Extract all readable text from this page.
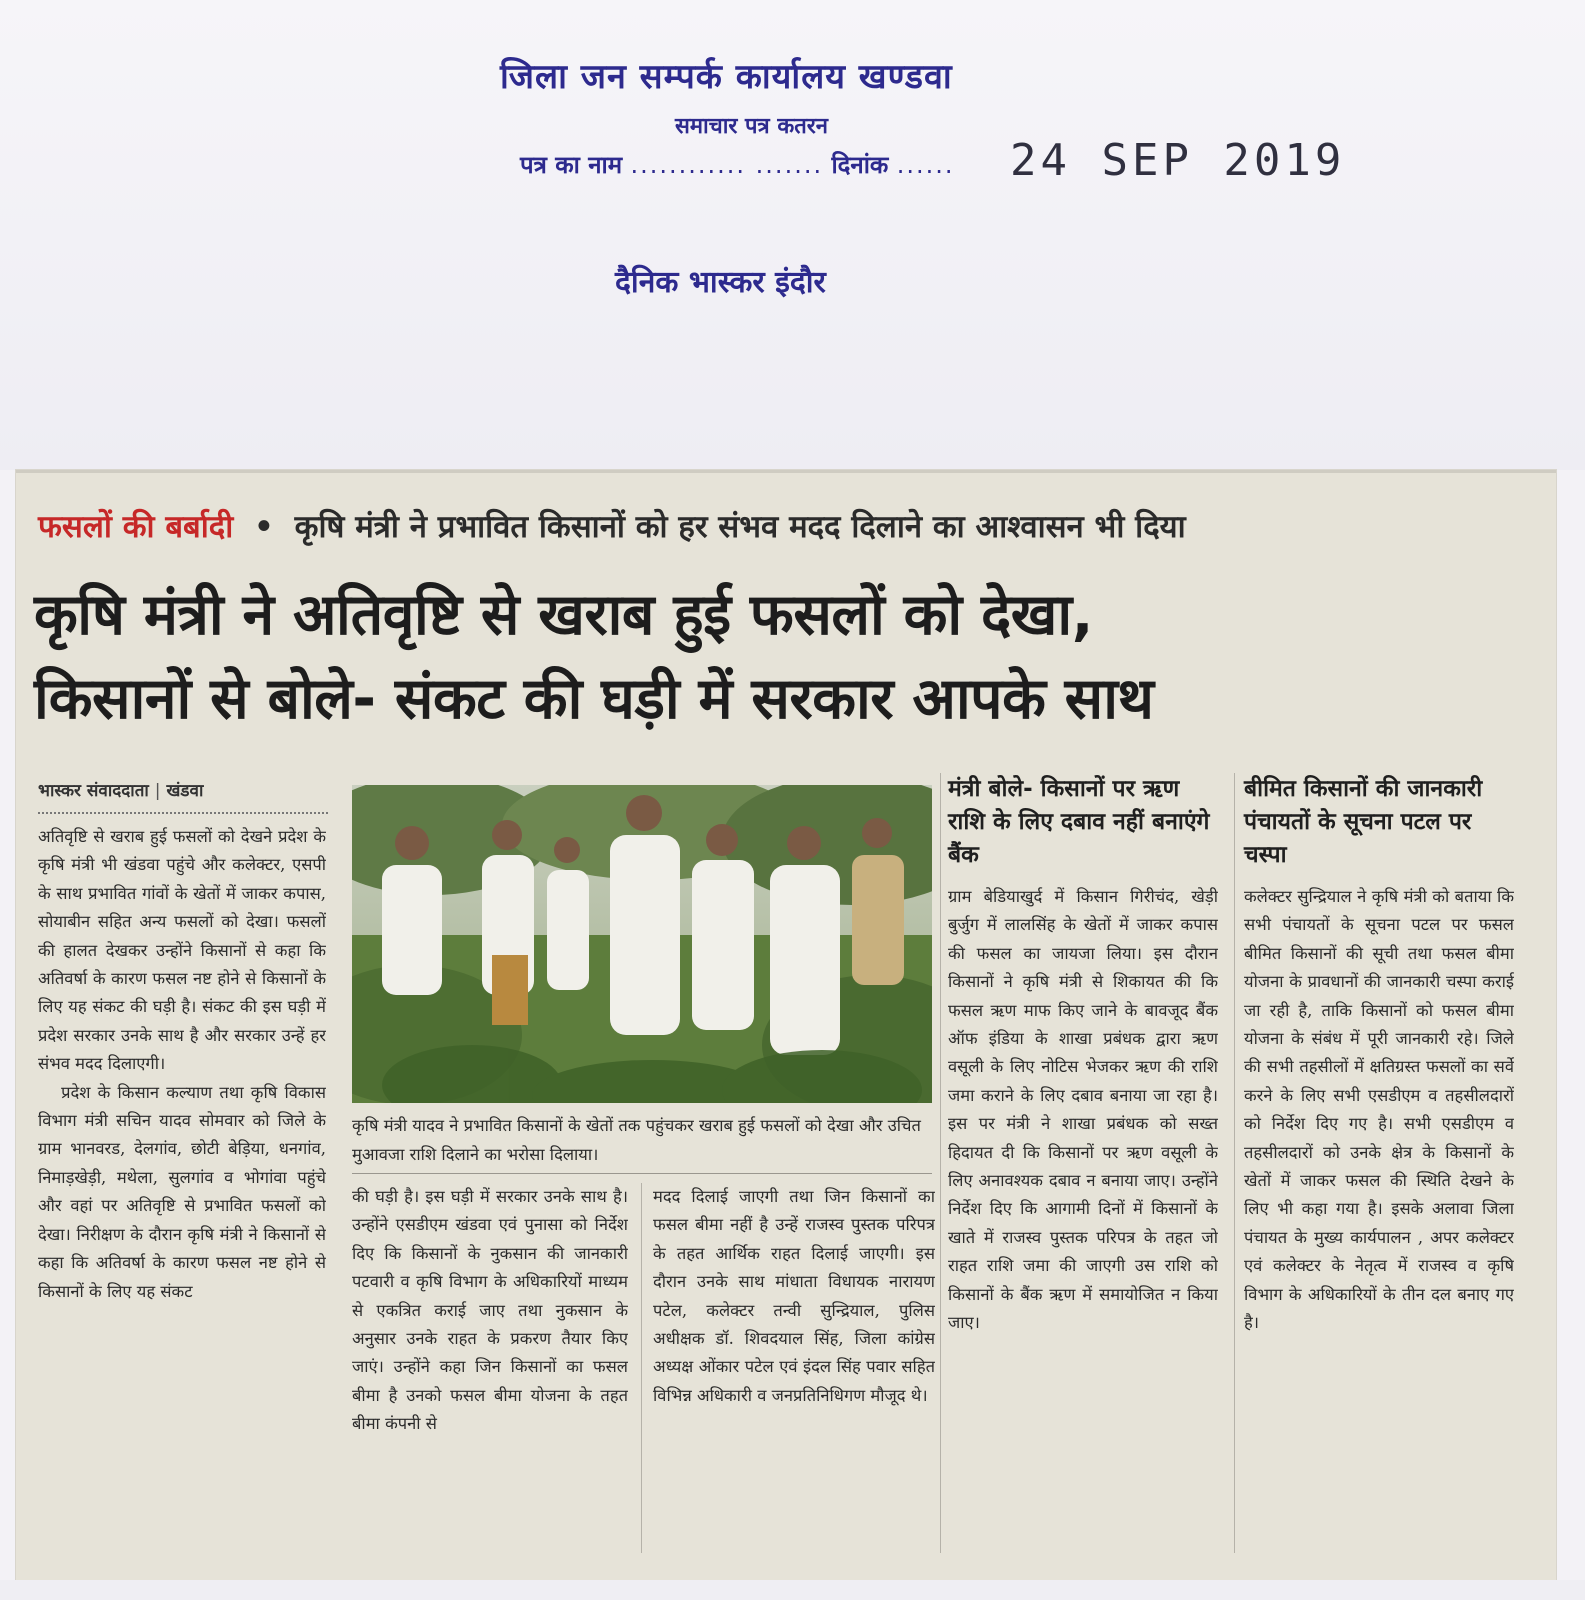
जिला जन सम्पर्क कार्यालय खण्डवा
समाचार पत्र कतरन
पत्र का नाम ............ ....... दिनांक ...... 24 SEP 2019
दैनिक भास्कर इंदौर
फसलों की बर्बादी • कृषि मंत्री ने प्रभावित किसानों को हर संभव मदद दिलाने का आश्वासन भी दिया
कृषि मंत्री ने अतिवृष्टि से खराब हुई फसलों को देखा,
किसानों से बोले- संकट की घड़ी में सरकार आपके साथ
भास्कर संवाददाता | खंडवा

अतिवृष्टि से खराब हुई फसलों को देखने प्रदेश के कृषि मंत्री भी खंडवा पहुंचे और कलेक्टर, एसपी के साथ प्रभावित गांवों के खेतों में जाकर कपास, सोयाबीन सहित अन्य फसलों को देखा। फसलों की हालत देखकर उन्होंने किसानों से कहा कि अतिवर्षा के कारण फसल नष्ट होने से किसानों के लिए यह संकट की घड़ी है। संकट की इस घड़ी में प्रदेश सरकार उनके साथ है और सरकार उन्हें हर संभव मदद दिलाएगी।

प्रदेश के किसान कल्याण तथा कृषि विकास विभाग मंत्री सचिन यादव सोमवार को जिले के ग्राम भानवरड, देलगांव, छोटी बेड़िया, धनगांव, निमाड़खेड़ी, मथेला, सुलगांव व भोगांवा पहुंचे और वहां पर अतिवृष्टि से प्रभावित फसलों को देखा। निरीक्षण के दौरान कृषि मंत्री ने किसानों से कहा कि अतिवर्षा के कारण फसल नष्ट होने से किसानों के लिए यह संकट

कृषि मंत्री यादव ने प्रभावित किसानों के खेतों तक पहुंचकर खराब हुई फसलों को देखा और उचित मुआवजा राशि दिलाने का भरोसा दिलाया।

की घड़ी है। इस घड़ी में सरकार उनके साथ है। उन्होंने एसडीएम खंडवा एवं पुनासा को निर्देश दिए कि किसानों के नुकसान की जानकारी पटवारी व कृषि विभाग के अधिकारियों माध्यम से एकत्रित कराई जाए तथा नुकसान के अनुसार उनके राहत के प्रकरण तैयार किए जाएं। उन्होंने कहा जिन किसानों का फसल बीमा है उनको फसल बीमा योजना के तहत बीमा कंपनी से

मदद दिलाई जाएगी तथा जिन किसानों का फसल बीमा नहीं है उन्हें राजस्व पुस्तक परिपत्र के तहत आर्थिक राहत दिलाई जाएगी। इस दौरान उनके साथ मांधाता विधायक नारायण पटेल, कलेक्टर तन्वी सुन्द्रियाल, पुलिस अधीक्षक डॉ. शिवदयाल सिंह, जिला कांग्रेस अध्यक्ष ओंकार पटेल एवं इंदल सिंह पवार सहित विभिन्न अधिकारी व जनप्रतिनिधिगण मौजूद थे।

मंत्री बोले- किसानों पर ऋण राशि के लिए दबाव नहीं बनाएंगे बैंक

ग्राम बेडियाखुर्द में किसान गिरीचंद, खेड़ी बुर्जुग में लालसिंह के खेतों में जाकर कपास की फसल का जायजा लिया। इस दौरान किसानों ने कृषि मंत्री से शिकायत की कि फसल ऋण माफ किए जाने के बावजूद बैंक ऑफ इंडिया के शाखा प्रबंधक द्वारा ऋण वसूली के लिए नोटिस भेजकर ऋण की राशि जमा कराने के लिए दबाव बनाया जा रहा है। इस पर मंत्री ने शाखा प्रबंधक को सख्त हिदायत दी कि किसानों पर ऋण वसूली के लिए अनावश्यक दबाव न बनाया जाए। उन्होंने निर्देश दिए कि आगामी दिनों में किसानों के खाते में राजस्व पुस्तक परिपत्र के तहत जो राहत राशि जमा की जाएगी उस राशि को किसानों के बैंक ऋण में समायोजित न किया जाए।

बीमित किसानों की जानकारी पंचायतों के सूचना पटल पर चस्पा

कलेक्टर सुन्द्रियाल ने कृषि मंत्री को बताया कि सभी पंचायतों के सूचना पटल पर फसल बीमित किसानों की सूची तथा फसल बीमा योजना के प्रावधानों की जानकारी चस्पा कराई जा रही है, ताकि किसानों को फसल बीमा योजना के संबंध में पूरी जानकारी रहे। जिले की सभी तहसीलों में क्षतिग्रस्त फसलों का सर्वे करने के लिए सभी एसडीएम व तहसीलदारों को निर्देश दिए गए है। सभी एसडीएम व तहसीलदारों को उनके क्षेत्र के किसानों के खेतों में जाकर फसल की स्थिति देखने के लिए भी कहा गया है। इसके अलावा जिला पंचायत के मुख्य कार्यपालन , अपर कलेक्टर एवं कलेक्टर के नेतृत्व में राजस्व व कृषि विभाग के अधिकारियों के तीन दल बनाए गए है।
